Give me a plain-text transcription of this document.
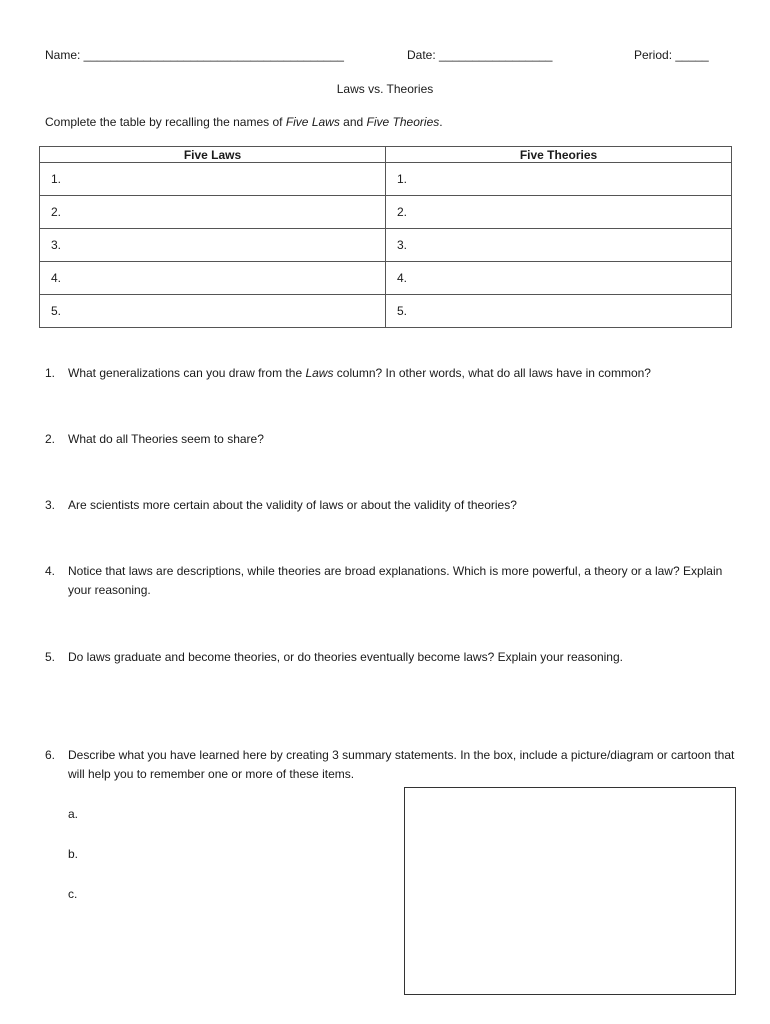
Name: _______________________________________	Date: _________________	Period: _____
Laws vs. Theories
Complete the table by recalling the names of Five Laws and Five Theories.
Five Laws	Five Theories
1.	1.
2.	2.
3.	3.
4.	4.
5.	5.
1. What generalizations can you draw from the Laws column? In other words, what do all laws have in common?
2. What do all Theories seem to share?
3. Are scientists more certain about the validity of laws or about the validity of theories?
4. Notice that laws are descriptions, while theories are broad explanations. Which is more powerful, a theory or a law? Explain your reasoning.
5. Do laws graduate and become theories, or do theories eventually become laws? Explain your reasoning.
6. Describe what you have learned here by creating 3 summary statements. In the box, include a picture/diagram or cartoon that will help you to remember one or more of these items.
a.
b.
c.
